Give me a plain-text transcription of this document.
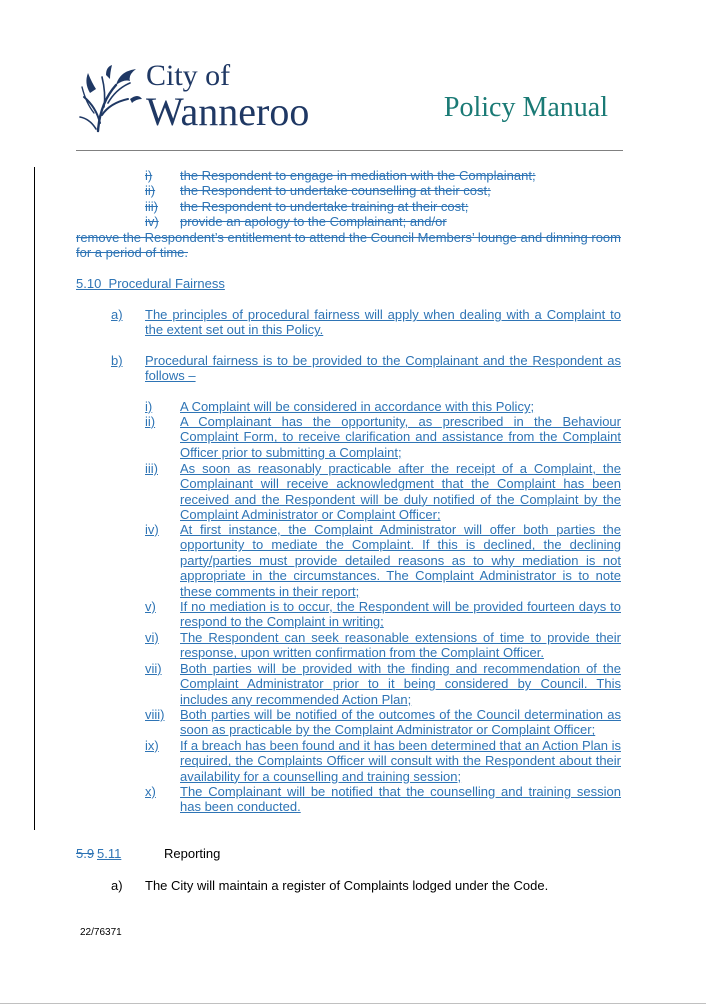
City of
Wanneroo	Policy Manual
i) the Respondent to engage in mediation with the Complainant;
ii) the Respondent to undertake counselling at their cost;
iii) the Respondent to undertake training at their cost;
iv) provide an apology to the Complainant; and/or
remove the Respondent’s entitlement to attend the Council Members’ lounge and dinning room for a period of time.
5.10  Procedural Fairness
a) The principles of procedural fairness will apply when dealing with a Complaint to the extent set out in this Policy.
b) Procedural fairness is to be provided to the Complainant and the Respondent as follows –
i) A Complaint will be considered in accordance with this Policy;
ii) A Complainant has the opportunity, as prescribed in the Behaviour Complaint Form, to receive clarification and assistance from the Complaint Officer prior to submitting a Complaint;
iii) As soon as reasonably practicable after the receipt of a Complaint, the Complainant will receive acknowledgment that the Complaint has been received and the Respondent will be duly notified of the Complaint by the Complaint Administrator or Complaint Officer;
iv) At first instance, the Complaint Administrator will offer both parties the opportunity to mediate the Complaint. If this is declined, the declining party/parties must provide detailed reasons as to why mediation is not appropriate in the circumstances. The Complaint Administrator is to note these comments in their report;
v) If no mediation is to occur, the Respondent will be provided fourteen days to respond to the Complaint in writing;
vi) The Respondent can seek reasonable extensions of time to provide their response, upon written confirmation from the Complaint Officer.
vii) Both parties will be provided with the finding and recommendation of the Complaint Administrator prior to it being considered by Council. This includes any recommended Action Plan;
viii) Both parties will be notified of the outcomes of the Council determination as soon as practicable by the Complaint Administrator or Complaint Officer;
ix) If a breach has been found and it has been determined that an Action Plan is required, the Complaints Officer will consult with the Respondent about their availability for a counselling and training session;
x) The Complainant will be notified that the counselling and training session has been conducted.
5.9 5.11	Reporting
a) The City will maintain a register of Complaints lodged under the Code.
22/76371
